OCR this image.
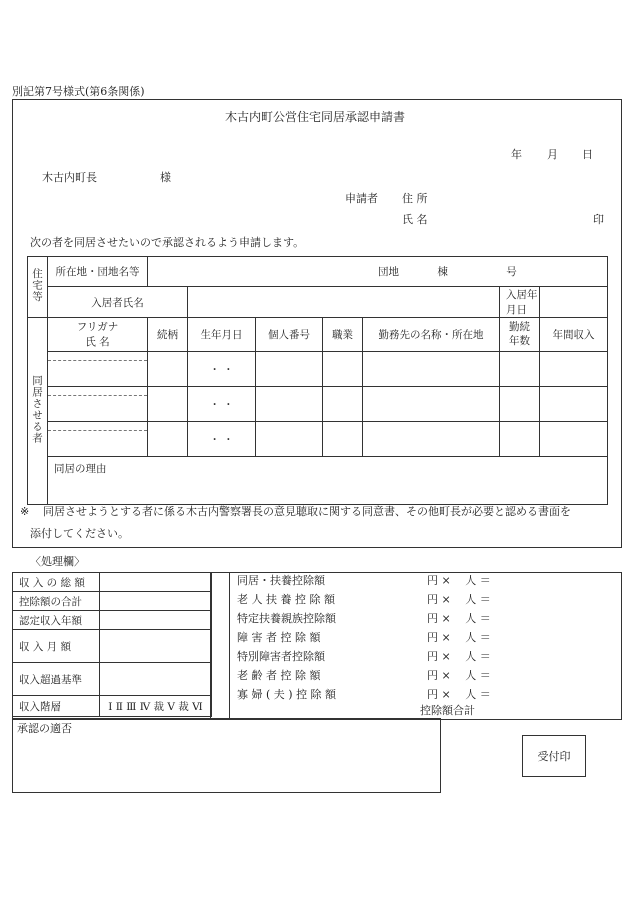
別記第7号様式(第6条関係)
木古内町公営住宅同居承認申請書
年 月 日
木古内町長	様
申請者 住 所
氏 名	印
次の者を同居させたいので承認されるよう申請します。
住宅等	所在地・団地名等	団地 棟 号						
	入居者氏名						入居年月日	
同居させる者	フリガナ
氏 名	続柄	生年月日	個人番号	職業	勤務先の名称・所在地	勤続年数	年間収入

			・ ・					

			・ ・					

			・ ・					
	同居の理由							
※ 同居させようとする者に係る木古内警察署長の意見聴取に関する同意書、その他町長が必要と認める書面を
添付してください。
〈処理欄〉
収 入 の 総 額	
控除額の合計	
認定収入年額	
収 入 月 額	
収入超過基準	
収入階層	Ⅰ Ⅱ Ⅲ Ⅳ 裁 Ⅴ 裁 Ⅵ
同居・扶養控除額	円 ×　 人 ＝
老 人 扶 養 控 除 額	円 ×　 人 ＝
特定扶養親族控除額	円 ×　 人 ＝
障 害 者 控 除 額	円 ×　 人 ＝
特別障害者控除額	円 ×　 人 ＝
老 齢 者 控 除 額	円 ×　 人 ＝
寡 婦 ( 夫 ) 控 除 額	円 ×　 人 ＝
控除額合計
承認の適否
受付印
